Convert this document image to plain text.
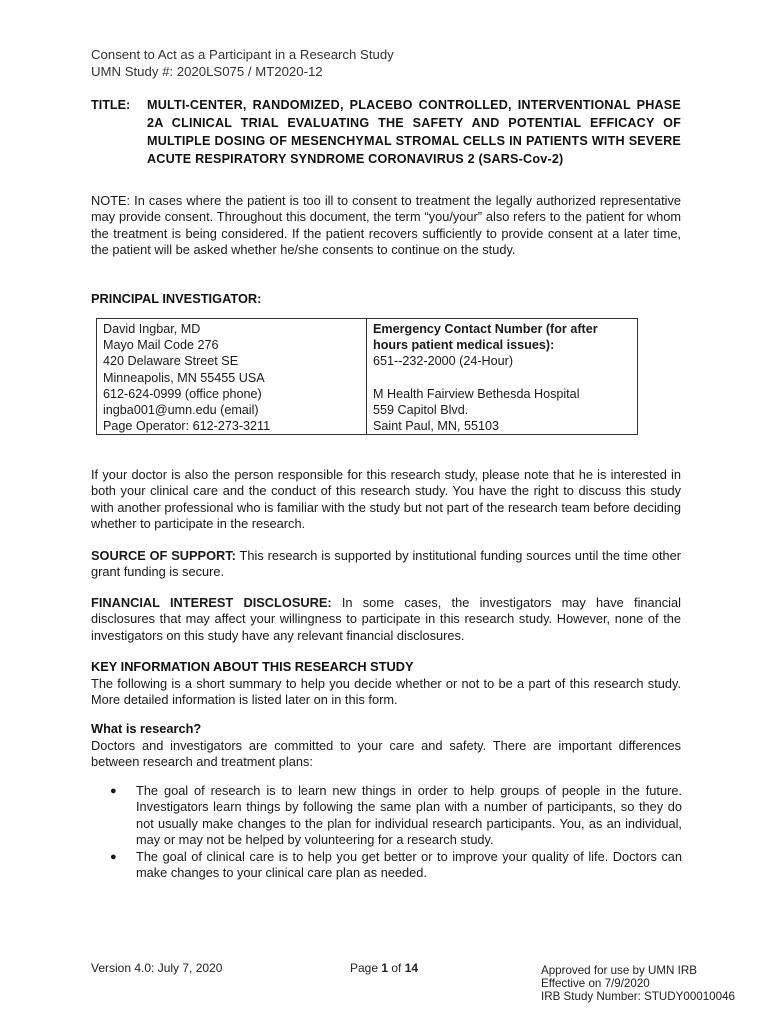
Consent to Act as a Participant in a Research Study
UMN Study #: 2020LS075 / MT2020-12
TITLE: MULTI-CENTER, RANDOMIZED, PLACEBO CONTROLLED, INTERVENTIONAL PHASE 2A CLINICAL TRIAL EVALUATING THE SAFETY AND POTENTIAL EFFICACY OF MULTIPLE DOSING OF MESENCHYMAL STROMAL CELLS IN PATIENTS WITH SEVERE ACUTE RESPIRATORY SYNDROME CORONAVIRUS 2 (SARS-Cov-2)
NOTE: In cases where the patient is too ill to consent to treatment the legally authorized representative may provide consent. Throughout this document, the term “you/your” also refers to the patient for whom the treatment is being considered. If the patient recovers sufficiently to provide consent at a later time, the patient will be asked whether he/she consents to continue on the study.
PRINCIPAL INVESTIGATOR:
David Ingbar, MD
Mayo Mail Code 276
420 Delaware Street SE
Minneapolis, MN 55455 USA
612-624-0999 (office phone)
ingba001@umn.edu (email)
Page Operator: 612-273-3211

Emergency Contact Number (for after
hours patient medical issues):
651--232-2000 (24-Hour)
M Health Fairview Bethesda Hospital
559 Capitol Blvd.
Saint Paul, MN, 55103
If your doctor is also the person responsible for this research study, please note that he is interested in both your clinical care and the conduct of this research study. You have the right to discuss this study with another professional who is familiar with the study but not part of the research team before deciding whether to participate in the research.
SOURCE OF SUPPORT: This research is supported by institutional funding sources until the time other grant funding is secure.
FINANCIAL INTEREST DISCLOSURE: In some cases, the investigators may have financial disclosures that may affect your willingness to participate in this research study. However, none of the investigators on this study have any relevant financial disclosures.
KEY INFORMATION ABOUT THIS RESEARCH STUDY
The following is a short summary to help you decide whether or not to be a part of this research study. More detailed information is listed later on in this form.
What is research?
Doctors and investigators are committed to your care and safety. There are important differences between research and treatment plans:
● The goal of research is to learn new things in order to help groups of people in the future. Investigators learn things by following the same plan with a number of participants, so they do not usually make changes to the plan for individual research participants. You, as an individual, may or may not be helped by volunteering for a research study.
● The goal of clinical care is to help you get better or to improve your quality of life. Doctors can make changes to your clinical care plan as needed.
Version 4.0: July 7, 2020	Page 1 of 14	Approved for use by UMN IRB
Effective on 7/9/2020
IRB Study Number: STUDY00010046
